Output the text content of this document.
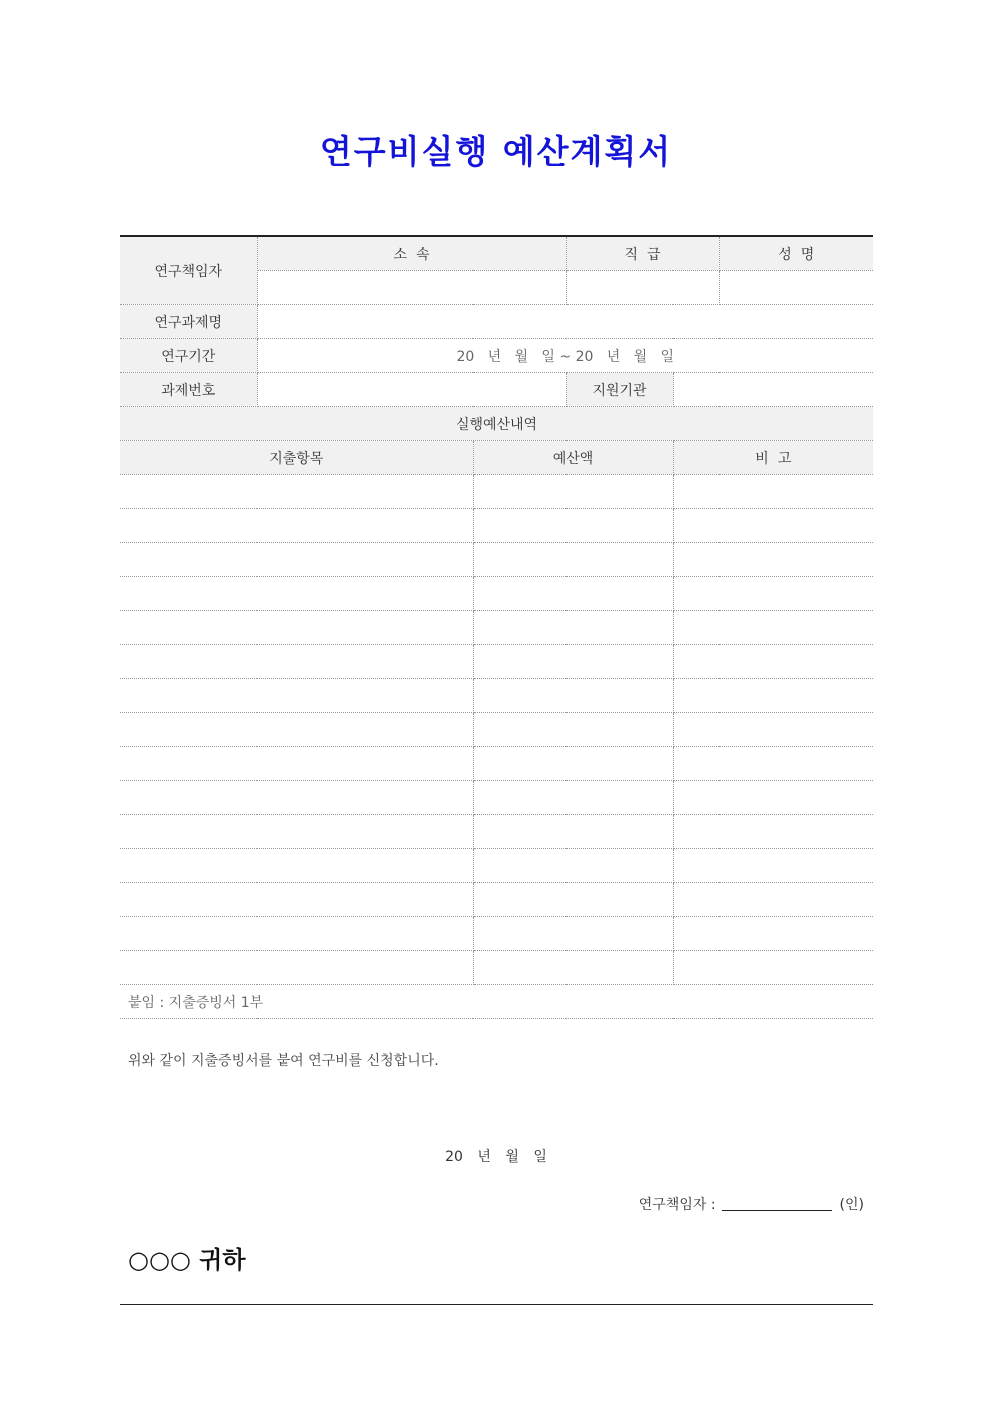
연구비실행 예산계획서
연구책임자	소  속		직  급		성  명

연구과제명					
연구기간	20   년   월   일 ~ 20   년   월   일				
과제번호			지원기관		
실행예산내역					
지출항목		예산액		비  고	

붙임 : 지출증빙서 1부					
위와 같이 지출증빙서를 붙여 연구비를 신청합니다.
20 년 월 일
연구책임자 :	(인)
○○○ 귀하
